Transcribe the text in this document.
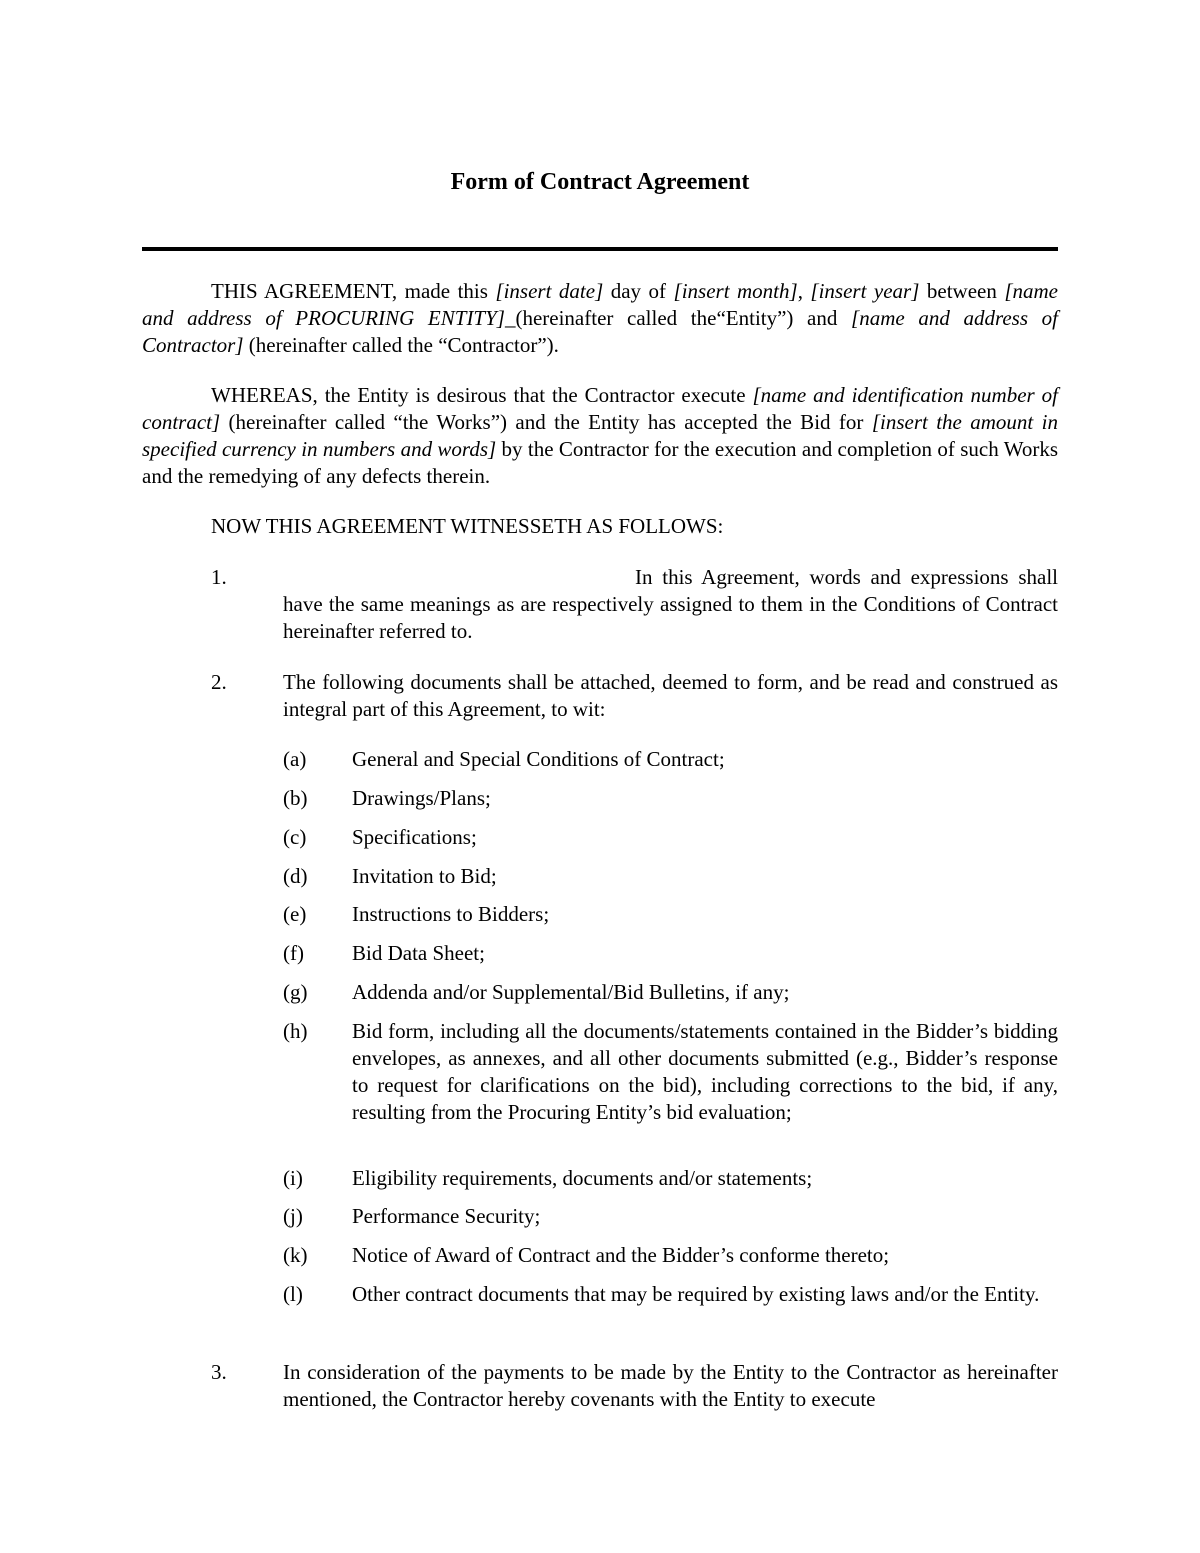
Form of Contract Agreement
THIS AGREEMENT, made this [insert date] day of [insert month], [insert year] between [name and address of PROCURING ENTITY]_(hereinafter called the“Entity”) and [name and address of Contractor] (hereinafter called the “Contractor”).
WHEREAS, the Entity is desirous that the Contractor execute [name and identification number of contract] (hereinafter called “the Works”) and the Entity has accepted the Bid for [insert the amount in specified currency in numbers and words] by the Contractor for the execution and completion of such Works and the remedying of any defects therein.
NOW THIS AGREEMENT WITNESSETH AS FOLLOWS:
1.	In this Agreement, words and expressions shall have the same meanings as are respectively assigned to them in the Conditions of Contract hereinafter referred to.
2.	The following documents shall be attached, deemed to form, and be read and construed as integral part of this Agreement, to wit:
(a) General and Special Conditions of Contract;
(b) Drawings/Plans;
(c) Specifications;
(d) Invitation to Bid;
(e) Instructions to Bidders;
(f) Bid Data Sheet;
(g) Addenda and/or Supplemental/Bid Bulletins, if any;
(h) Bid form, including all the documents/statements contained in the Bidder’s bidding envelopes, as annexes, and all other documents submitted (e.g., Bidder’s response to request for clarifications on the bid), including corrections to the bid, if any, resulting from the Procuring Entity’s bid evaluation;
(i) Eligibility requirements, documents and/or statements;
(j) Performance Security;
(k) Notice of Award of Contract and the Bidder’s conforme thereto;
(l) Other contract documents that may be required by existing laws and/or the Entity.
3.	In consideration of the payments to be made by the Entity to the Contractor as hereinafter mentioned, the Contractor hereby covenants with the Entity to execute
